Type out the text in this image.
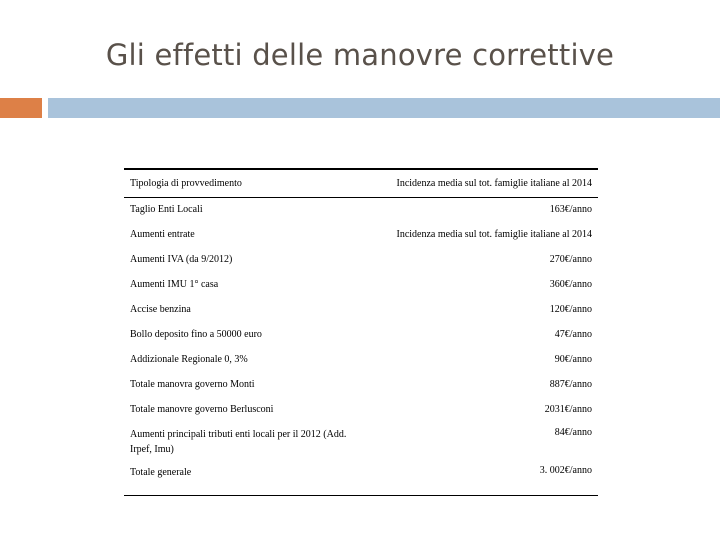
Gli effetti delle manovre correttive
Tipologia di provvedimento	Incidenza media sul tot. famiglie italiane al 2014
Taglio Enti Locali	163€/anno
Aumenti entrate	Incidenza media sul tot. famiglie italiane al 2014
Aumenti IVA (da 9/2012)	270€/anno
Aumenti IMU 1° casa	360€/anno
Accise benzina	120€/anno
Bollo deposito fino a 50000 euro	47€/anno
Addizionale Regionale 0, 3%	90€/anno
Totale manovra governo Monti	887€/anno
Totale manovre governo Berlusconi	2031€/anno
Aumenti principali tributi enti locali per il 2012 (Add. Irpef, Imu)	84€/anno
Totale generale	3. 002€/anno
